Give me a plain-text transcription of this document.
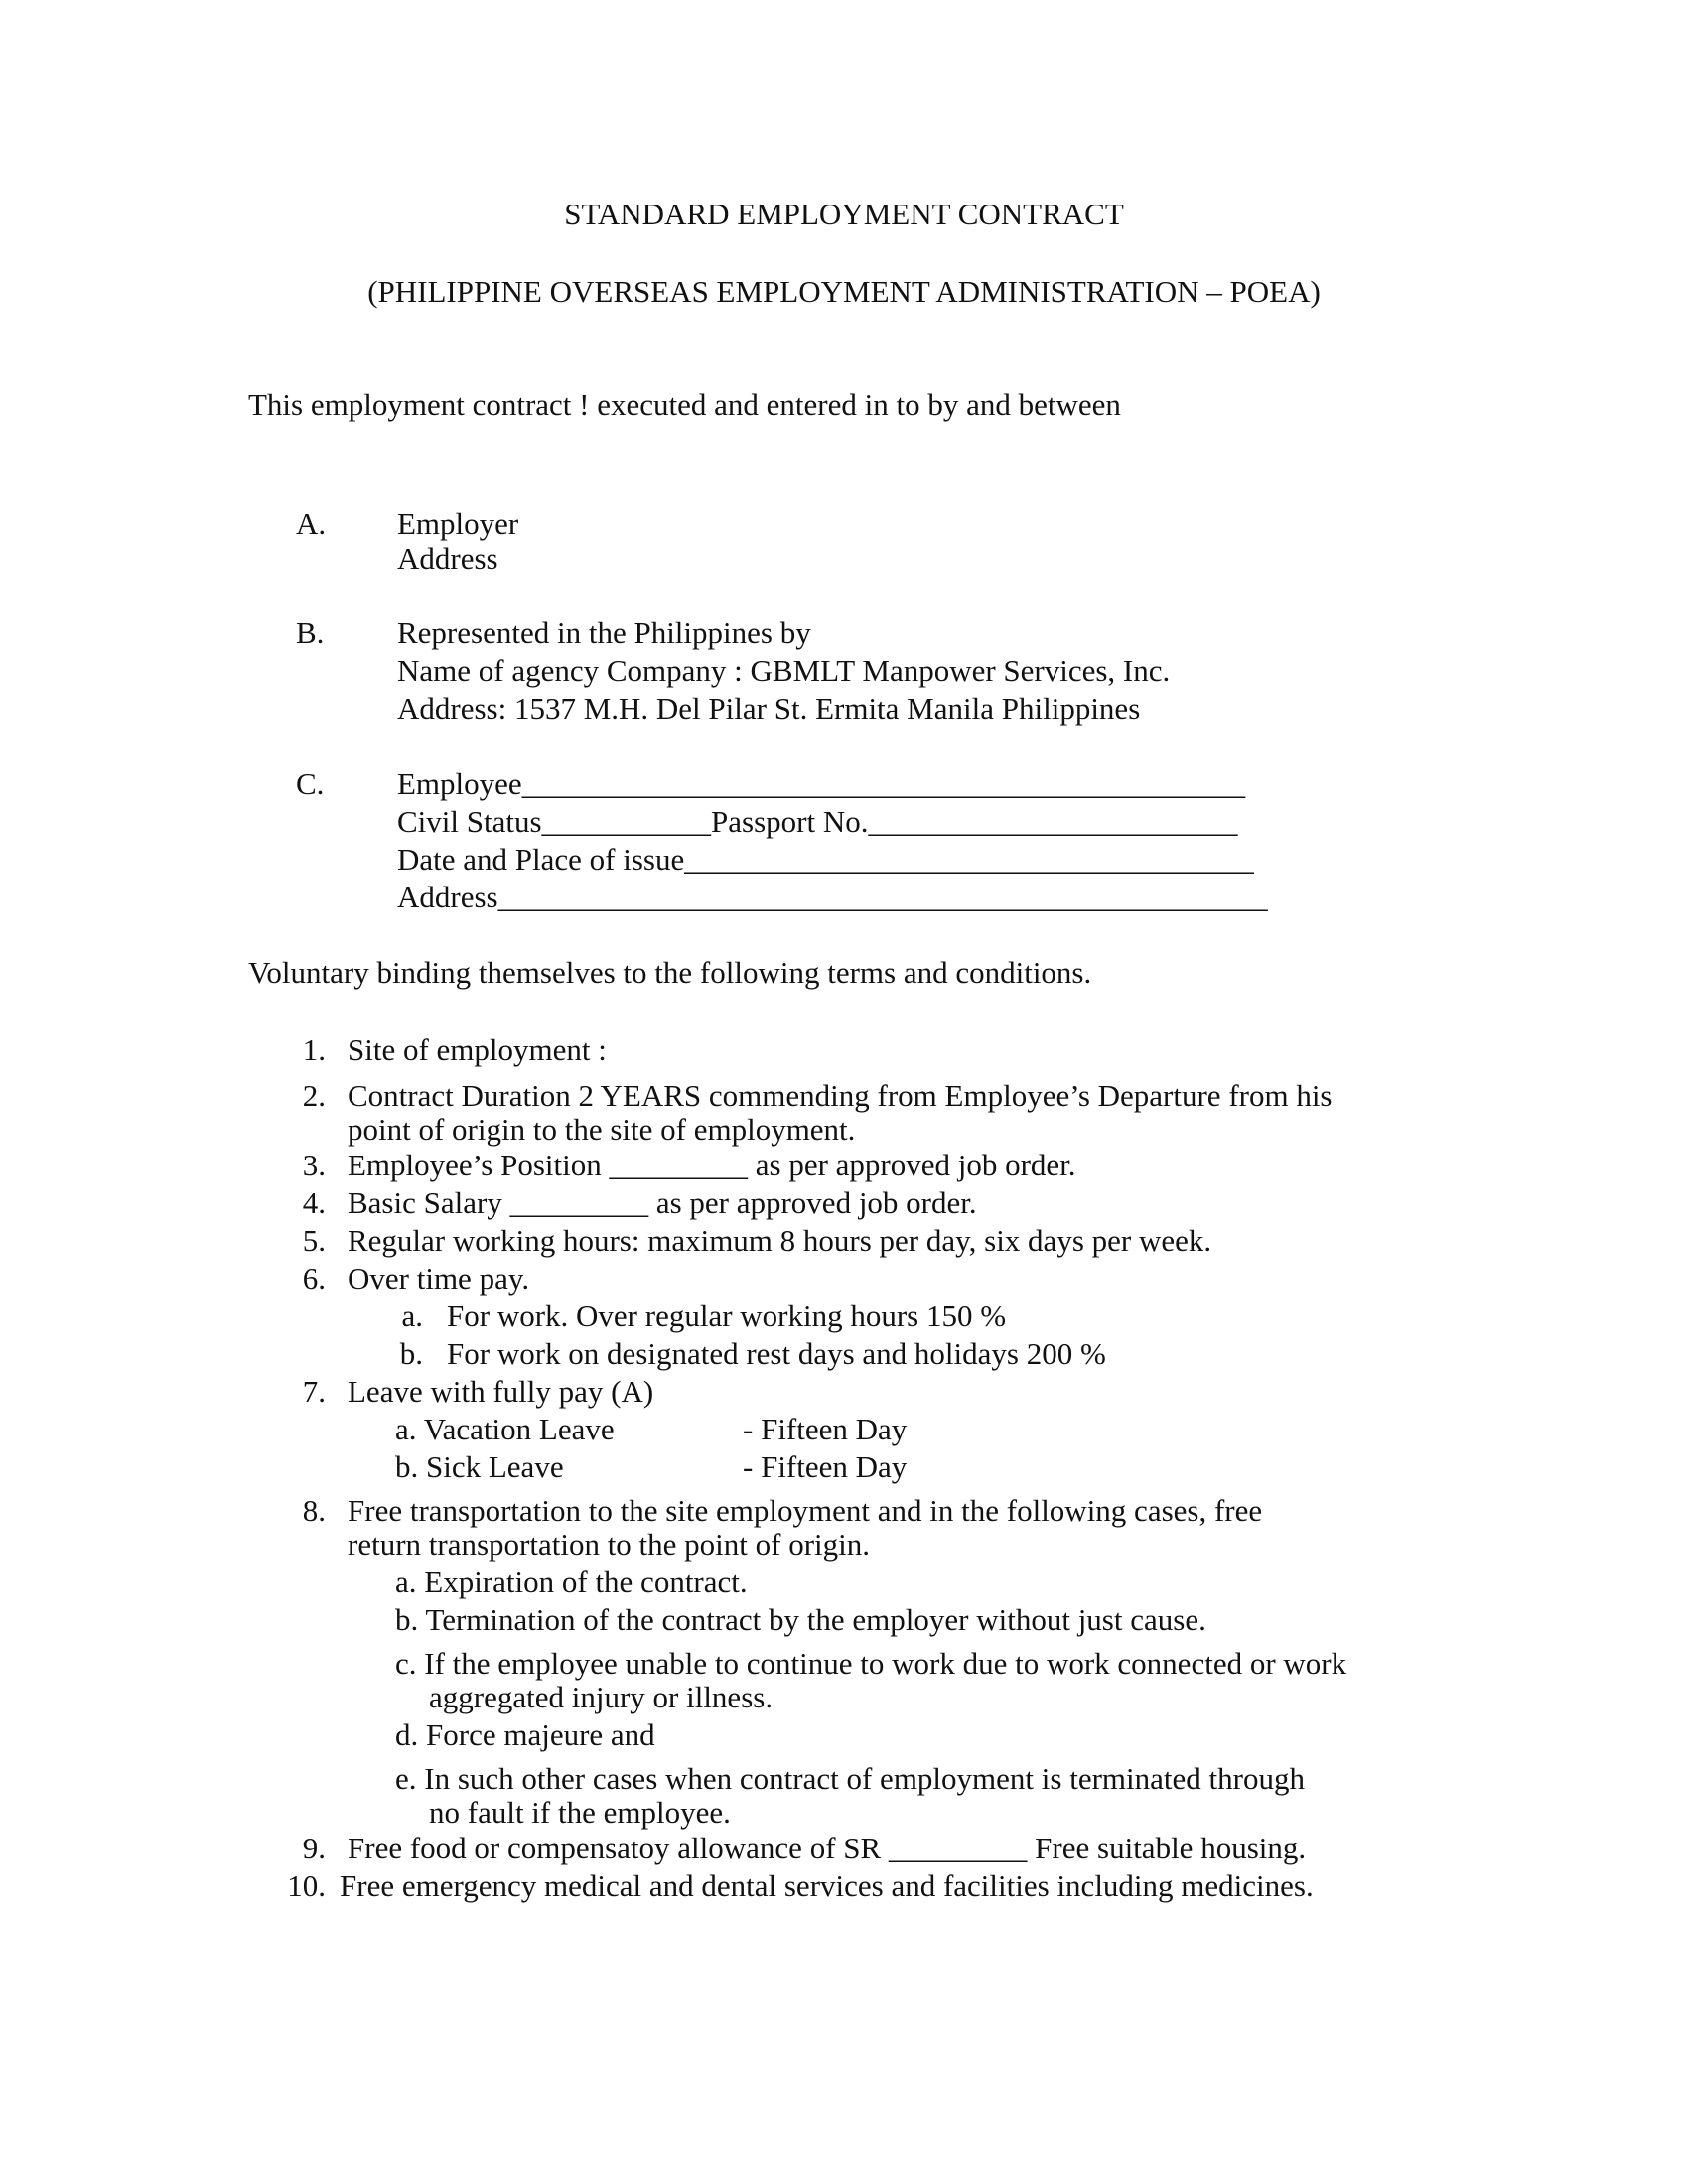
STANDARD EMPLOYMENT CONTRACT
(PHILIPPINE OVERSEAS EMPLOYMENT ADMINISTRATION – POEA)
This employment contract ! executed and entered in to by and between
A. Employer
Address
B. Represented in the Philippines by
Name of agency Company : GBMLT Manpower Services, Inc.
Address: 1537 M.H. Del Pilar St. Ermita Manila Philippines
C. Employee_______________________________________________
Civil Status___________Passport No.________________________
Date and Place of issue_____________________________________
Address__________________________________________________
Voluntary binding themselves to the following terms and conditions.
1. Site of employment :
2. Contract Duration 2 YEARS commending from Employee’s Departure from his
point of origin to the site of employment.
3. Employee’s Position _________ as per approved job order.
4. Basic Salary _________ as per approved job order.
5. Regular working hours: maximum 8 hours per day, six days per week.
6. Over time pay.
a. For work. Over regular working hours 150 %
b. For work on designated rest days and holidays 200 %
7. Leave with fully pay (A)
a. Vacation Leave	- Fifteen Day
b. Sick Leave	- Fifteen Day
8. Free transportation to the site employment and in the following cases, free
return transportation to the point of origin.
a. Expiration of the contract.
b. Termination of the contract by the employer without just cause.
c. If the employee unable to continue to work due to work connected or work
aggregated injury or illness.
d. Force majeure and
e. In such other cases when contract of employment is terminated through
no fault if the employee.
9. Free food or compensatoy allowance of SR _________ Free suitable housing.
10. Free emergency medical and dental services and facilities including medicines.
